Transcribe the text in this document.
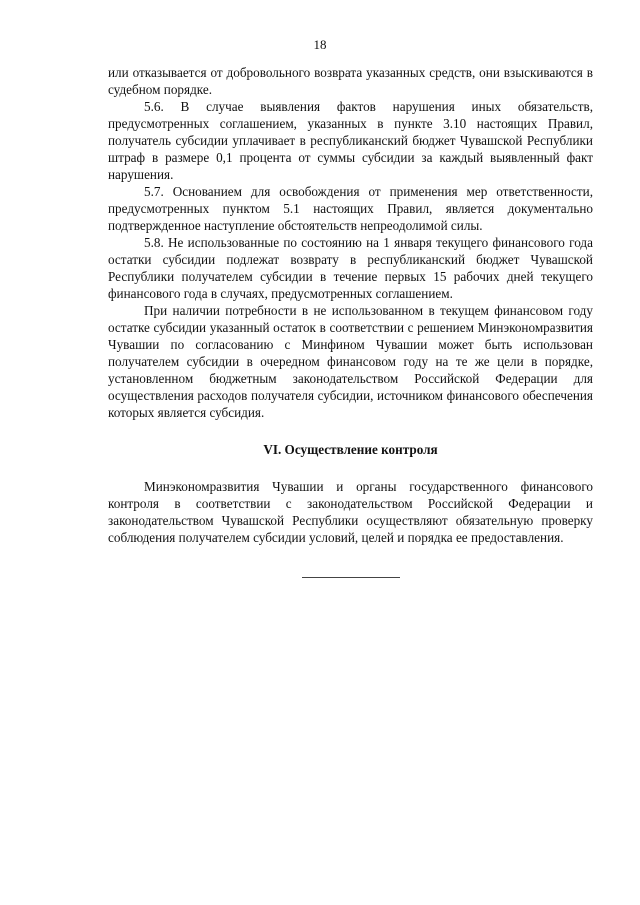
18

или отказывается от добровольного возврата указанных средств, они взыскиваются в судебном порядке.

5.6. В случае выявления фактов нарушения иных обязательств, предусмотренных соглашением, указанных в пункте 3.10 настоящих Правил, получатель субсидии уплачивает в республиканский бюджет Чувашской Республики штраф в размере 0,1 процента от суммы субсидии за каждый выявленный факт нарушения.

5.7. Основанием для освобождения от применения мер ответственности, предусмотренных пунктом 5.1 настоящих Правил, является документально подтвержденное наступление обстоятельств непреодолимой силы.

5.8. Не использованные по состоянию на 1 января текущего финансового года остатки субсидии подлежат возврату в республиканский бюджет Чувашской Республики получателем субсидии в течение первых 15 рабочих дней текущего финансового года в случаях, предусмотренных соглашением.

При наличии потребности в не использованном в текущем финансовом году остатке субсидии указанный остаток в соответствии с решением Минэкономразвития Чувашии по согласованию с Минфином Чувашии может быть использован получателем субсидии в очередном финансовом году на те же цели в порядке, установленном бюджетным законодательством Российской Федерации для осуществления расходов получателя субсидии, источником финансового обеспечения которых является субсидия.

VI. Осуществление контроля

Минэкономразвития Чувашии и органы государственного финансового контроля в соответствии с законодательством Российской Федерации и законодательством Чувашской Республики осуществляют обязательную проверку соблюдения получателем субсидии условий, целей и порядка ее предоставления.
